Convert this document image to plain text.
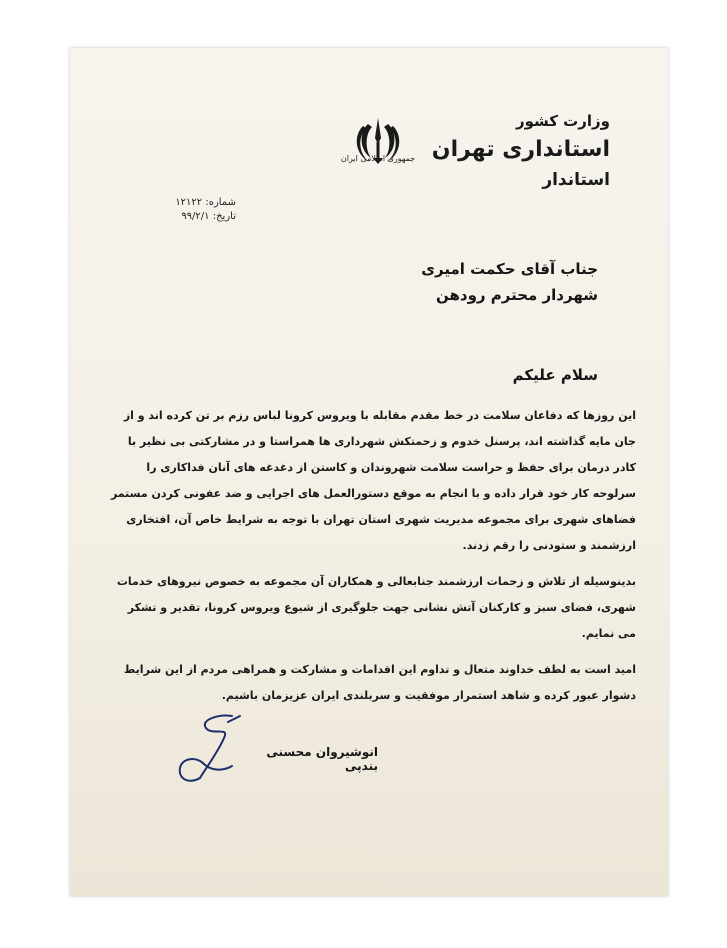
جمهوری اسلامی ایران
وزارت کشور
استانداری تهران
استاندار
شماره: ۱۲۱۲۲
تاریخ: ۹۹/۲/۱
جناب آقای حکمت امیری
شهردار محترم رودهن
سلام علیکم

این روزها که دفاعان سلامت در خط مقدم مقابله با ویروس کرونا لباس رزم بر تن کرده اند و از جان مایه گذاشته اند، پرسنل خدوم و زحمتکش شهرداری ها همراستا و در مشارکتی بی نظیر با کادر درمان برای حفظ و حراست سلامت شهروندان و کاستن از دغدغه های آنان فداکاری را سرلوحه کار خود قرار داده و با انجام به موقع دستورالعمل های اجرایی و ضد عفونی کردن مستمر فضاهای شهری برای مجموعه مدیریت شهری استان تهران با توجه به شرایط خاص آن، افتخاری ارزشمند و ستودنی را رقم زدند.

بدینوسیله از تلاش و زحمات ارزشمند جنابعالی و همکاران آن مجموعه به خصوص نیروهای خدمات شهری، فضای سبز و کارکنان آتش نشانی جهت جلوگیری از شیوع ویروس کرونا، تقدیر و تشکر می نمایم.

امید است به لطف خداوند متعال و تداوم این اقدامات و مشارکت و همراهی مردم از این شرایط دشوار عبور کرده و شاهد استمرار موفقیت و سربلندی ایران عزیزمان باشیم.

انوشیروان محسنی بندپی
